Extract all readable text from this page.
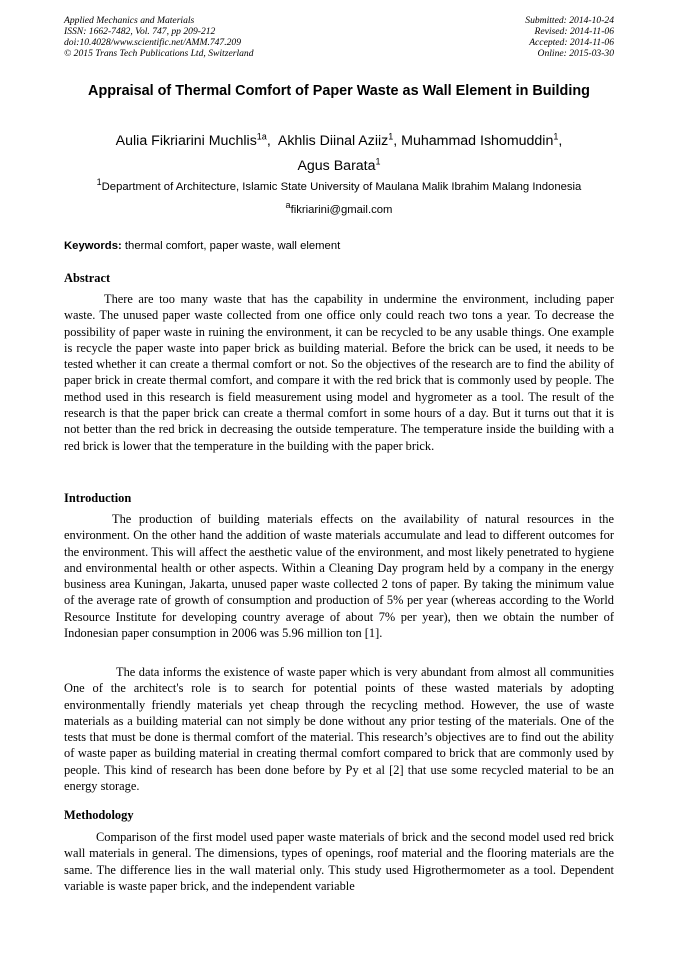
Applied Mechanics and Materials
ISSN: 1662-7482, Vol. 747, pp 209-212
doi:10.4028/www.scientific.net/AMM.747.209
© 2015 Trans Tech Publications Ltd, Switzerland
Submitted: 2014-10-24
Revised: 2014-11-06
Accepted: 2014-11-06
Online: 2015-03-30
Appraisal of Thermal Comfort of Paper Waste as Wall Element in Building
Aulia Fikriarini Muchlis$^{1a}$,  Akhlis Diinal Aziiz$^1$, Muhammad Ishomuddin$^1$,
Agus Barata$^1$
$^1$Department of Architecture, Islamic State University of Maulana Malik Ibrahim Malang Indonesia
$^a$fikriarini@gmail.com
Keywords: thermal comfort, paper waste, wall element
Abstract

There are too many waste that has the capability in undermine the environment, including paper waste. The unused paper waste collected from one office only could reach two tons a year. To decrease the possibility of paper waste in ruining the environment, it can be recycled to be any usable things. One example is recycle the paper waste into paper brick as building material. Before the brick can be used, it needs to be tested whether it can create a thermal comfort or not. So the objectives of the research are to find the ability of paper brick in create thermal comfort, and compare it with the red brick that is commonly used by people. The method used in this research is field measurement using model and hygrometer as a tool. The result of the research is that the paper brick can create a thermal comfort in some hours of a day. But it turns out that it is not better than the red brick in decreasing the outside temperature. The temperature inside the building with a red brick is lower that the temperature in the building with the paper brick.

Introduction

The production of building materials effects on the availability of natural resources in the environment. On the other hand the addition of waste materials accumulate and lead to different outcomes for the environment. This will affect the aesthetic value of the environment, and most likely penetrated to hygiene and environmental health or other aspects. Within a Cleaning Day program held by a company in the energy business area Kuningan, Jakarta, unused paper waste collected 2 tons of paper. By taking the minimum value of the average rate of growth of consumption and production of 5% per year (whereas according to the World Resource Institute for developing country average of about 7% per year), then we obtain the number of Indonesian paper consumption in 2006 was 5.96 million ton [1].

The data informs the existence of waste paper which is very abundant from almost all communities One of the architect's role is to search for potential points of these wasted materials by adopting environmentally friendly materials yet cheap through the recycling method. However, the use of waste materials as a building material can not simply be done without any prior testing of the materials. One of the tests that must be done is thermal comfort of the material. This research’s objectives are to find out the ability of waste paper as building material in creating thermal comfort compared to brick that are commonly used by people. This kind of research has been done before by Py et al [2] that use some recycled material to be an energy storage.

Methodology

Comparison of the first model used paper waste materials of brick and the second model used red brick wall materials in general. The dimensions, types of openings, roof material and the flooring materials are the same. The difference lies in the wall material only. This study used Higrothermometer as a tool. Dependent variable is waste paper brick, and the independent variable
